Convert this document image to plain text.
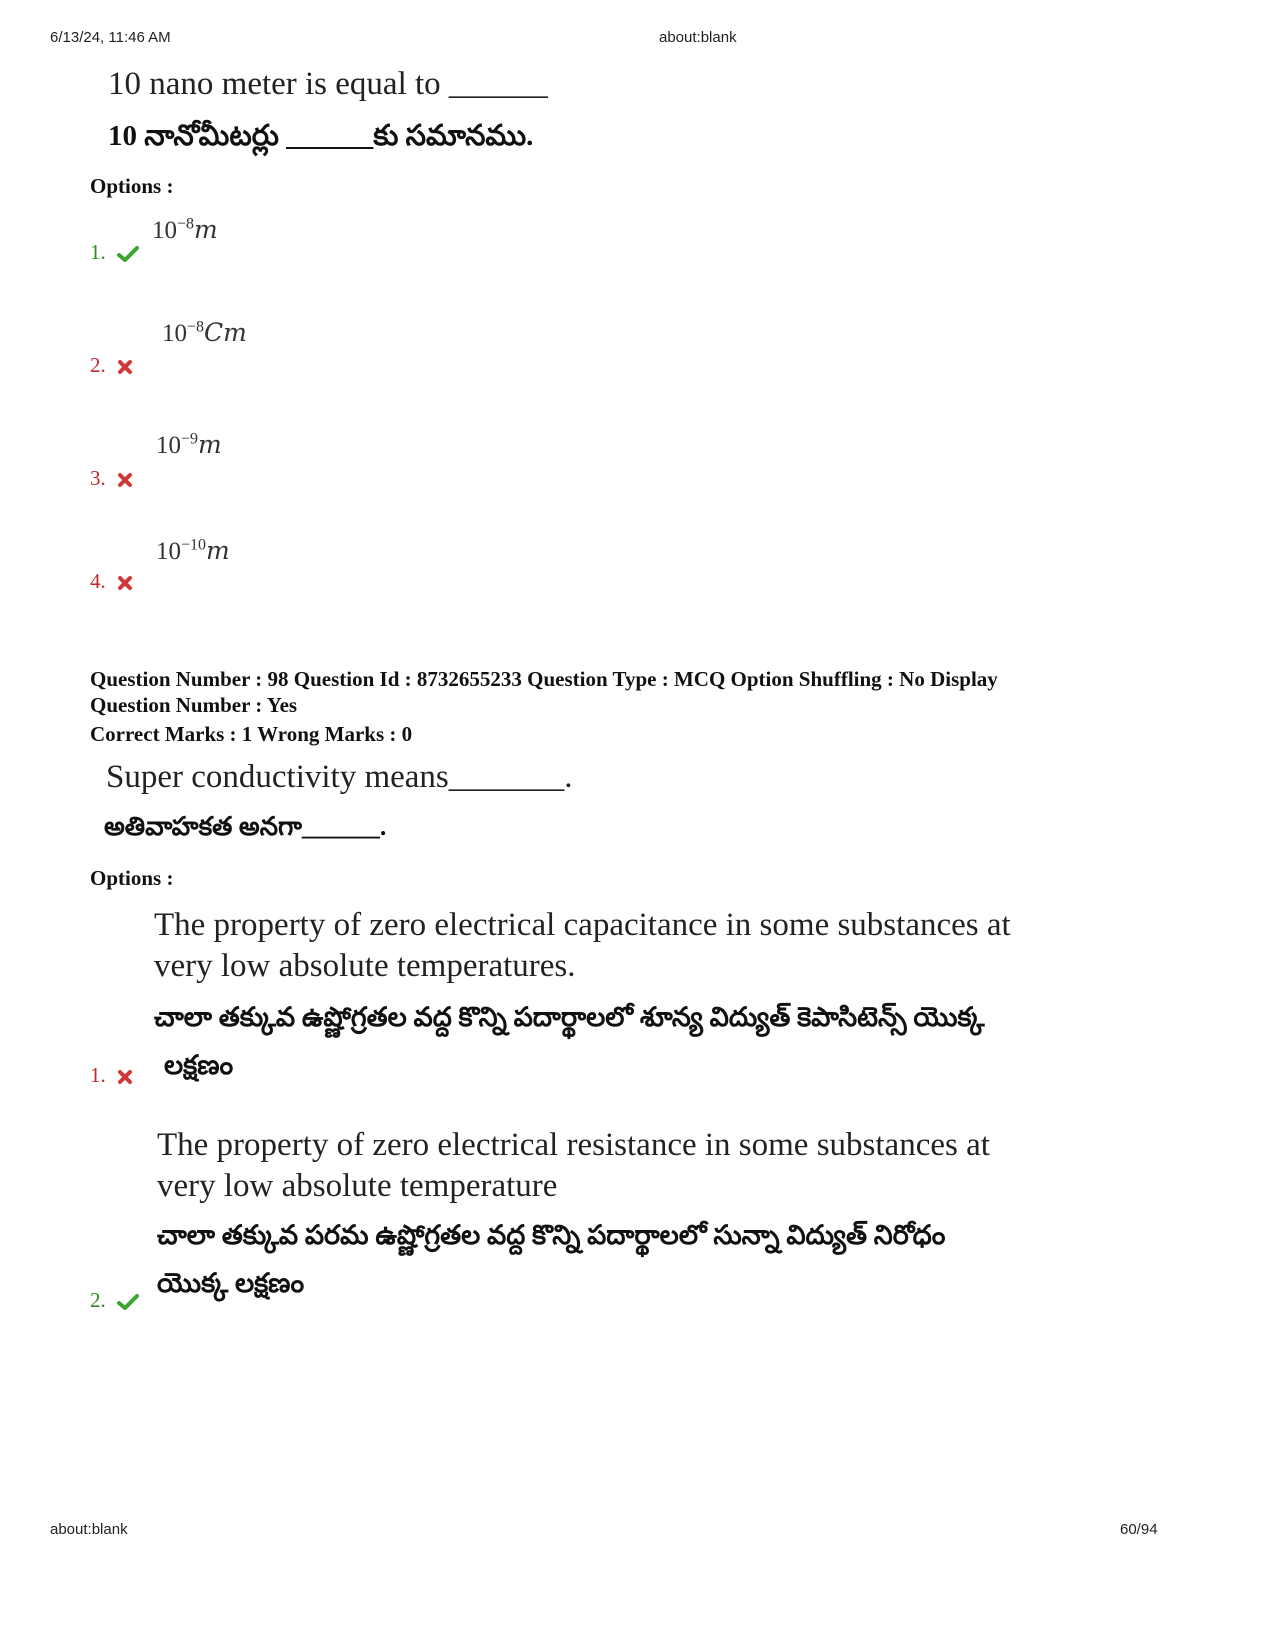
6/13/24, 11:46 AM	about:blank
10 nano meter is equal to ______
10 నానోమీటర్లు ______కు సమానము.
Options :
1.
$10^{-8}m$
2.
$10^{-8}Cm$
3.
$10^{-9}m$
4.
$10^{-10}m$
Question Number : 98 Question Id : 8732655233 Question Type : MCQ Option Shuffling : No Display
Question Number : Yes
Correct Marks : 1 Wrong Marks : 0
Super conductivity means_______.
అతివాహకత అనగా______.
Options :
The property of zero electrical capacitance in some substances at
very low absolute temperatures.
చాలా తక్కువ ఉష్ణోగ్రతల వద్ద కొన్ని పదార్థాలలో శూన్య విద్యుత్ కెపాసిటెన్స్ యొక్క
లక్షణం
1.
The property of zero electrical resistance in some substances at
very low absolute temperature
చాలా తక్కువ పరమ ఉష్ణోగ్రతల వద్ద కొన్ని పదార్థాలలో సున్నా విద్యుత్ నిరోధం
యొక్క లక్షణం
2.
about:blank	60/94
